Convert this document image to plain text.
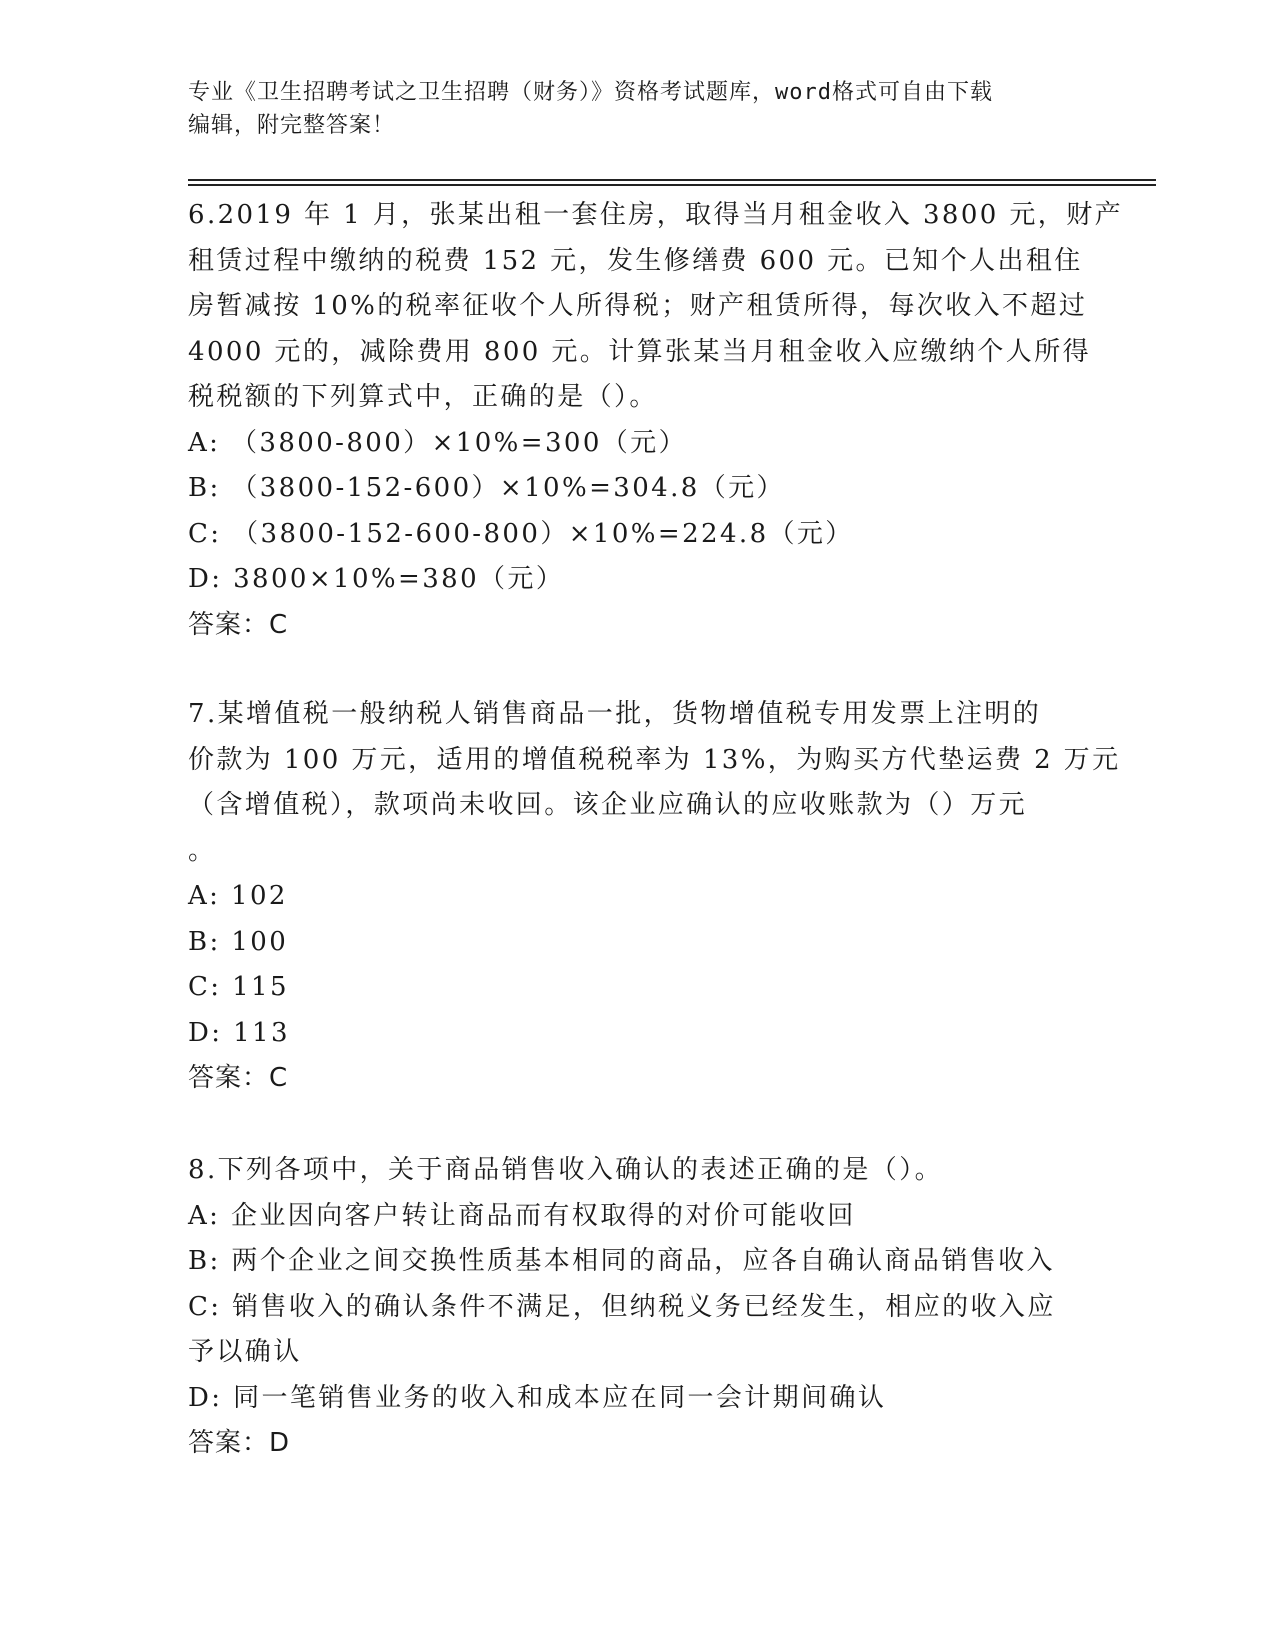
专业《卫生招聘考试之卫生招聘（财务）》资格考试题库，word格式可自由下载
编辑，附完整答案！
6.2019 年 1 月，张某出租一套住房，取得当月租金收入 3800 元，财产
租赁过程中缴纳的税费 152 元，发生修缮费 600 元。已知个人出租住
房暂减按 10%的税率征收个人所得税；财产租赁所得，每次收入不超过
4000 元的，减除费用 800 元。计算张某当月租金收入应缴纳个人所得
税税额的下列算式中，正确的是（）。

A: （3800-800）×10%=300（元）

B: （3800-152-600）×10%=304.8（元）

C: （3800-152-600-800）×10%=224.8（元）

D: 3800×10%=380（元）

答案：C

7.某增值税一般纳税人销售商品一批，货物增值税专用发票上注明的
价款为 100 万元，适用的增值税税率为 13%，为购买方代垫运费 2 万元
（含增值税），款项尚未收回。该企业应确认的应收账款为（）万元
。

A: 102

B: 100

C: 115

D: 113

答案：C

8.下列各项中，关于商品销售收入确认的表述正确的是（）。

A: 企业因向客户转让商品而有权取得的对价可能收回

B: 两个企业之间交换性质基本相同的商品，应各自确认商品销售收入

C: 销售收入的确认条件不满足，但纳税义务已经发生，相应的收入应

予以确认

D: 同一笔销售业务的收入和成本应在同一会计期间确认

答案：D
